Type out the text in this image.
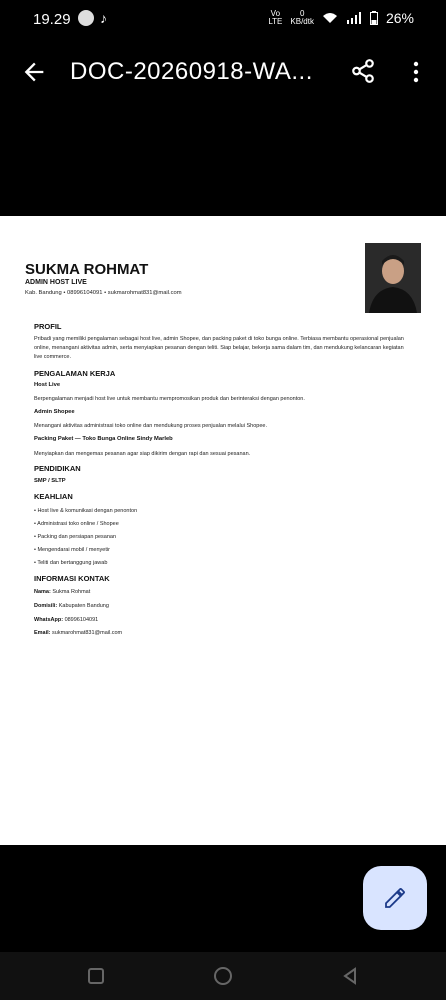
19.29 ♪	Vo
LTE
0
KB/dtk	26%
DOC-20260918-WA...
SUKMA ROHMAT
ADMIN HOST LIVE
Kab. Bandung • 08996104091 • sukmarohmat831@mail.com
PROFIL
Pribadi yang memiliki pengalaman sebagai host live, admin Shopee, dan packing paket di toko bunga online. Terbiasa membantu operasional penjualan online, menangani aktivitas admin, serta menyiapkan pesanan dengan teliti. Siap belajar, bekerja sama dalam tim, dan mendukung kelancaran kegiatan live commerce.
PENGALAMAN KERJA
Host Live
Berpengalaman menjadi host live untuk membantu mempromosikan produk dan berinteraksi dengan penonton.
Admin Shopee
Menangani aktivitas administrasi toko online dan mendukung proses penjualan melalui Shopee.
Packing Paket — Toko Bunga Online Sindy Marleb
Menyiapkan dan mengemas pesanan agar siap dikirim dengan rapi dan sesuai pesanan.
PENDIDIKAN
SMP / SLTP
KEAHLIAN
• Host live & komunikasi dengan penonton
• Administrasi toko online / Shopee
• Packing dan persiapan pesanan
• Mengendarai mobil / menyetir
• Teliti dan bertanggung jawab
INFORMASI KONTAK
Nama: Sukma Rohmat
Domisili: Kabupaten Bandung
WhatsApp: 08996104091
Email: sukmarohmat831@mail.com
